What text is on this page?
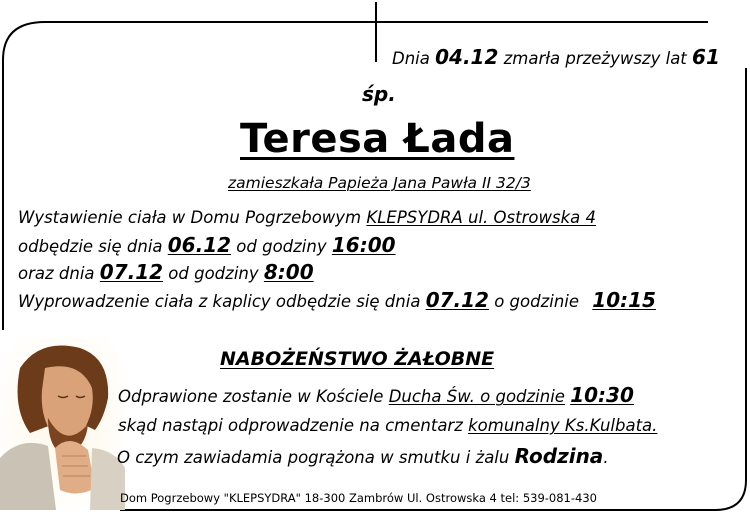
Dnia 04.12 zmarła przeżywszy lat 61
śp.
Teresa Łada
zamieszkała Papieża Jana Pawła II 32/3
Wystawienie ciała w Domu Pogrzebowym KLEPSYDRA ul. Ostrowska 4
odbędzie się dnia 06.12 od godziny 16:00
oraz dnia 07.12 od godziny 8:00
Wyprowadzenie ciała z kaplicy odbędzie się dnia 07.12 o godzinie 10:15
NABOŻEŃSTWO ŻAŁOBNE
Odprawione zostanie w Kościele Ducha Św. o godzinie 10:30
skąd nastąpi odprowadzenie na cmentarz komunalny Ks.Kulbata.
O czym zawiadamia pogrążona w smutku i żalu Rodzina.
Dom Pogrzebowy "KLEPSYDRA" 18-300 Zambrów Ul. Ostrowska 4 tel: 539-081-430
